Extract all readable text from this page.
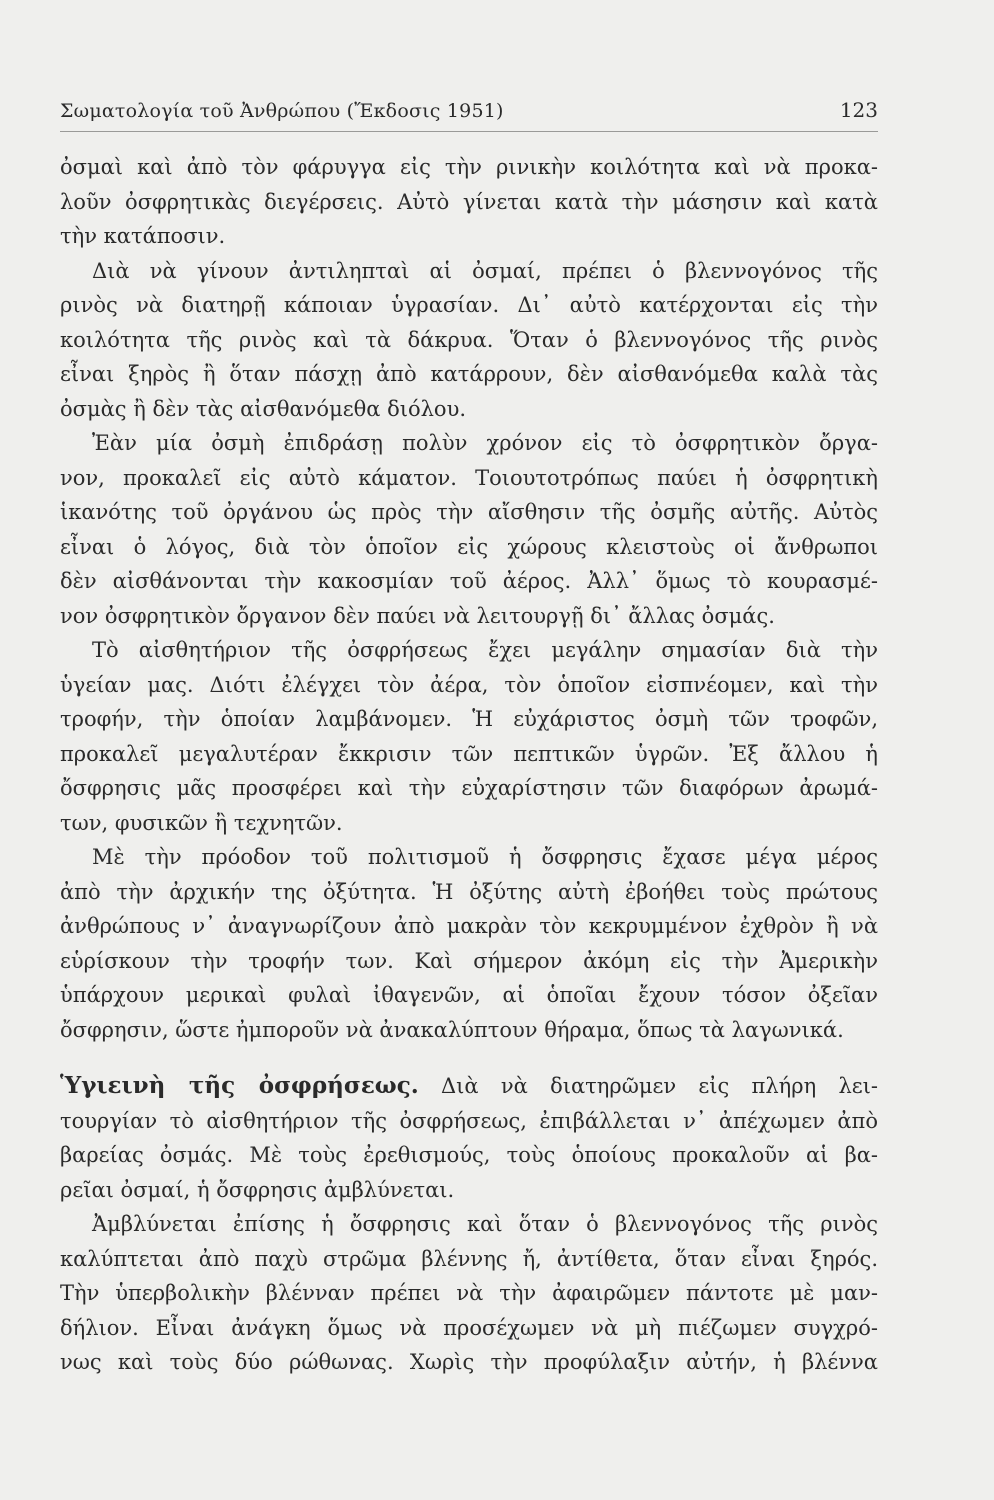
Σωματολογία τοῦ Ἀνθρώπου (Ἔκδοσις 1951)	123
ὀσμαὶ καὶ ἀπὸ τὸν φάρυγγα εἰς τὴν ρινικὴν κοιλότητα καὶ νὰ προκα-
λοῦν ὀσφρητικὰς διεγέρσεις. Αὐτὸ γίνεται κατὰ τὴν μάσησιν καὶ κατὰ
τὴν κατάποσιν.
Διὰ νὰ γίνουν ἀντιληπταὶ αἱ ὀσμαί, πρέπει ὁ βλεννογόνος τῆς
ρινὸς νὰ διατηρῇ κάποιαν ὑγρασίαν. Δι᾽ αὐτὸ κατέρχονται εἰς τὴν
κοιλότητα τῆς ρινὸς καὶ τὰ δάκρυα. Ὅταν ὁ βλεννογόνος τῆς ρινὸς
εἶναι ξηρὸς ἢ ὅταν πάσχῃ ἀπὸ κατάρρουν, δὲν αἰσθανόμεθα καλὰ τὰς
ὀσμὰς ἢ δὲν τὰς αἰσθανόμεθα διόλου.
Ἐὰν μία ὀσμὴ ἐπιδράσῃ πολὺν χρόνον εἰς τὸ ὀσφρητικὸν ὄργα-
νον, προκαλεῖ εἰς αὐτὸ κάματον. Τοιουτοτρόπως παύει ἡ ὀσφρητικὴ
ἱκανότης τοῦ ὀργάνου ὡς πρὸς τὴν αἴσθησιν τῆς ὀσμῆς αὐτῆς. Αὐτὸς
εἶναι ὁ λόγος, διὰ τὸν ὁποῖον εἰς χώρους κλειστοὺς οἱ ἄνθρωποι
δὲν αἰσθάνονται τὴν κακοσμίαν τοῦ ἀέρος. Ἀλλ᾽ ὅμως τὸ κουρασμέ-
νον ὀσφρητικὸν ὄργανον δὲν παύει νὰ λειτουργῇ δι᾽ ἄλλας ὀσμάς.
Τὸ αἰσθητήριον τῆς ὀσφρήσεως ἔχει μεγάλην σημασίαν διὰ τὴν
ὑγείαν μας. Διότι ἐλέγχει τὸν ἀέρα, τὸν ὁποῖον εἰσπνέομεν, καὶ τὴν
τροφήν, τὴν ὁποίαν λαμβάνομεν. Ἡ εὐχάριστος ὀσμὴ τῶν τροφῶν,
προκαλεῖ μεγαλυτέραν ἔκκρισιν τῶν πεπτικῶν ὑγρῶν. Ἐξ ἄλλου ἡ
ὄσφρησις μᾶς προσφέρει καὶ τὴν εὐχαρίστησιν τῶν διαφόρων ἀρωμά-
των, φυσικῶν ἢ τεχνητῶν.
Μὲ τὴν πρόοδον τοῦ πολιτισμοῦ ἡ ὄσφρησις ἔχασε μέγα μέρος
ἀπὸ τὴν ἀρχικήν της ὀξύτητα. Ἡ ὀξύτης αὐτὴ ἐβοήθει τοὺς πρώτους
ἀνθρώπους ν᾽ ἀναγνωρίζουν ἀπὸ μακρὰν τὸν κεκρυμμένον ἐχθρὸν ἢ νὰ
εὑρίσκουν τὴν τροφήν των. Καὶ σήμερον ἀκόμη εἰς τὴν Ἀμερικὴν
ὑπάρχουν μερικαὶ φυλαὶ ἰθαγενῶν, αἱ ὁποῖαι ἔχουν τόσον ὀξεῖαν
ὄσφρησιν, ὥστε ἠμποροῦν νὰ ἀνακαλύπτουν θήραμα, ὅπως τὰ λαγωνικά.
Ὑγιεινὴ τῆς ὀσφρήσεως. Διὰ νὰ διατηρῶμεν εἰς πλήρη λει-
τουργίαν τὸ αἰσθητήριον τῆς ὀσφρήσεως, ἐπιβάλλεται ν᾽ ἀπέχωμεν ἀπὸ
βαρείας ὀσμάς. Μὲ τοὺς ἐρεθισμούς, τοὺς ὁποίους προκαλοῦν αἱ βα-
ρεῖαι ὀσμαί, ἡ ὄσφρησις ἀμβλύνεται.
Ἀμβλύνεται ἐπίσης ἡ ὄσφρησις καὶ ὅταν ὁ βλεννογόνος τῆς ρινὸς
καλύπτεται ἀπὸ παχὺ στρῶμα βλέννης ἤ, ἀντίθετα, ὅταν εἶναι ξηρός.
Τὴν ὑπερβολικὴν βλένναν πρέπει νὰ τὴν ἀφαιρῶμεν πάντοτε μὲ μαν-
δήλιον. Εἶναι ἀνάγκη ὅμως νὰ προσέχωμεν νὰ μὴ πιέζωμεν συγχρό-
νως καὶ τοὺς δύο ρώθωνας. Χωρὶς τὴν προφύλαξιν αὐτήν, ἡ βλέννα
